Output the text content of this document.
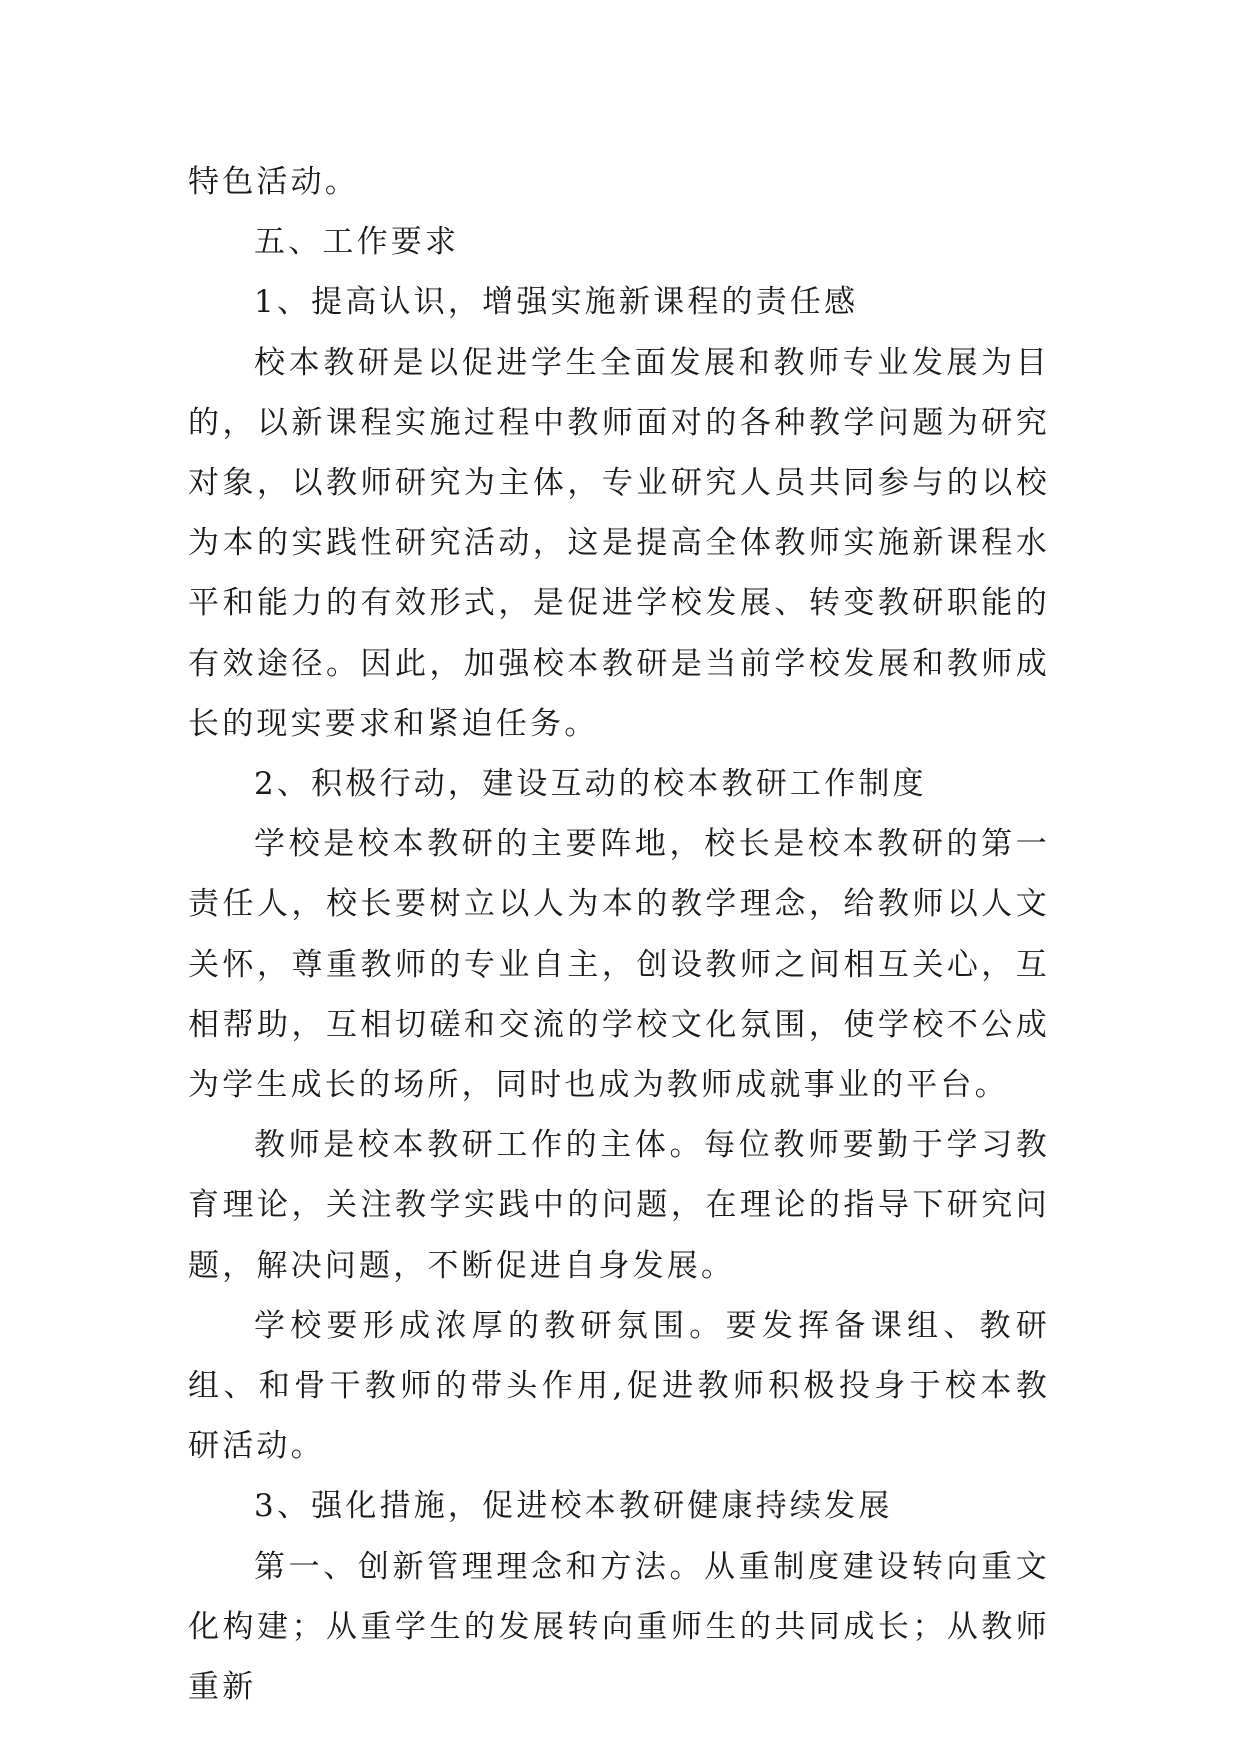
特色活动。

五、工作要求

1、提高认识，增强实施新课程的责任感

校本教研是以促进学生全面发展和教师专业发展为目的，以新课程实施过程中教师面对的各种教学问题为研究对象，以教师研究为主体，专业研究人员共同参与的以校为本的实践性研究活动，这是提高全体教师实施新课程水平和能力的有效形式，是促进学校发展、转变教研职能的有效途径。因此，加强校本教研是当前学校发展和教师成长的现实要求和紧迫任务。

2、积极行动，建设互动的校本教研工作制度

学校是校本教研的主要阵地，校长是校本教研的第一责任人，校长要树立以人为本的教学理念，给教师以人文关怀，尊重教师的专业自主，创设教师之间相互关心，互相帮助，互相切磋和交流的学校文化氛围，使学校不公成为学生成长的场所，同时也成为教师成就事业的平台。

教师是校本教研工作的主体。每位教师要勤于学习教育理论，关注教学实践中的问题，在理论的指导下研究问题，解决问题，不断促进自身发展。

学校要形成浓厚的教研氛围。要发挥备课组、教研组、和骨干教师的带头作用,促进教师积极投身于校本教研活动。

3、强化措施，促进校本教研健康持续发展

第一、创新管理理念和方法。从重制度建设转向重文化构建；从重学生的发展转向重师生的共同成长；从教师重新
